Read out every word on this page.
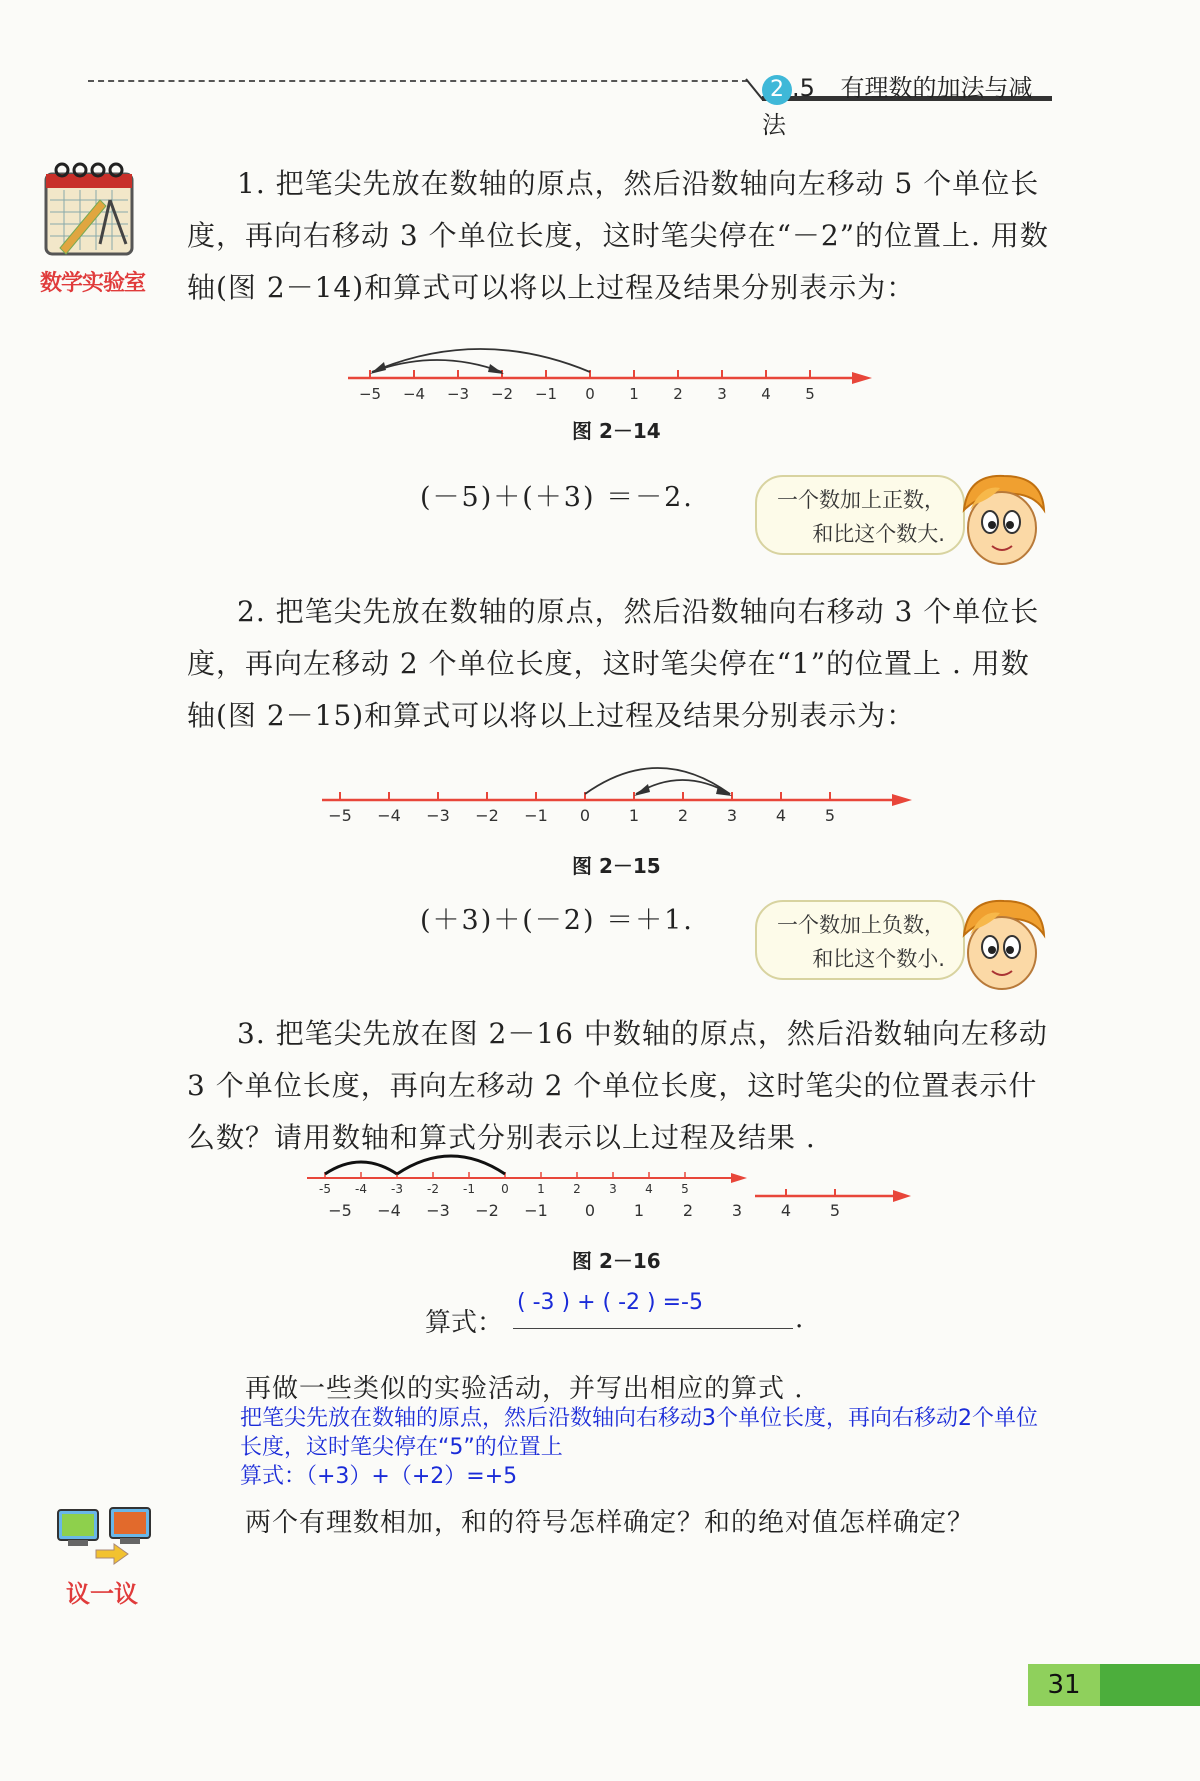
2 .5 有理数的加法与减法
数学实验室
1. 把笔尖先放在数轴的原点，然后沿数轴向左移动 5 个单位长度，再向右移动 3 个单位长度，这时笔尖停在“－2”的位置上. 用数轴(图 2－14)和算式可以将以上过程及结果分别表示为：
−5 −4 −3 −2 −1 0 1 2 3 4 5
图 2－14
(－5)＋(＋3) ＝－2.	一个数加上正数，和比这个数大.
2. 把笔尖先放在数轴的原点，然后沿数轴向右移动 3 个单位长度，再向左移动 2 个单位长度，这时笔尖停在“1”的位置上 . 用数轴(图 2－15)和算式可以将以上过程及结果分别表示为：
−5 −4 −3 −2 −1 0 1 2 3 4 5
图 2－15
(＋3)＋(－2) ＝＋1.	一个数加上负数，和比这个数小.
3. 把笔尖先放在图 2－16 中数轴的原点，然后沿数轴向左移动 3 个单位长度，再向左移动 2 个单位长度，这时笔尖的位置表示什么数？请用数轴和算式分别表示以上过程及结果 .
-5 -4 -3 -2 -1 0 1 2 3 4 5
−5 −4 −3 −2 −1 0 1 2 3 4 5
图 2－16
算式：
( -3 ) + ( -2 ) =-5
.
再做一些类似的实验活动，并写出相应的算式 .
把笔尖先放在数轴的原点，然后沿数轴向右移动3个单位长度，再向右移动2个单位
长度，这时笔尖停在“5”的位置上
算式：（+3）+（+2）=+5
议一议
两个有理数相加，和的符号怎样确定？和的绝对值怎样确定？
31
